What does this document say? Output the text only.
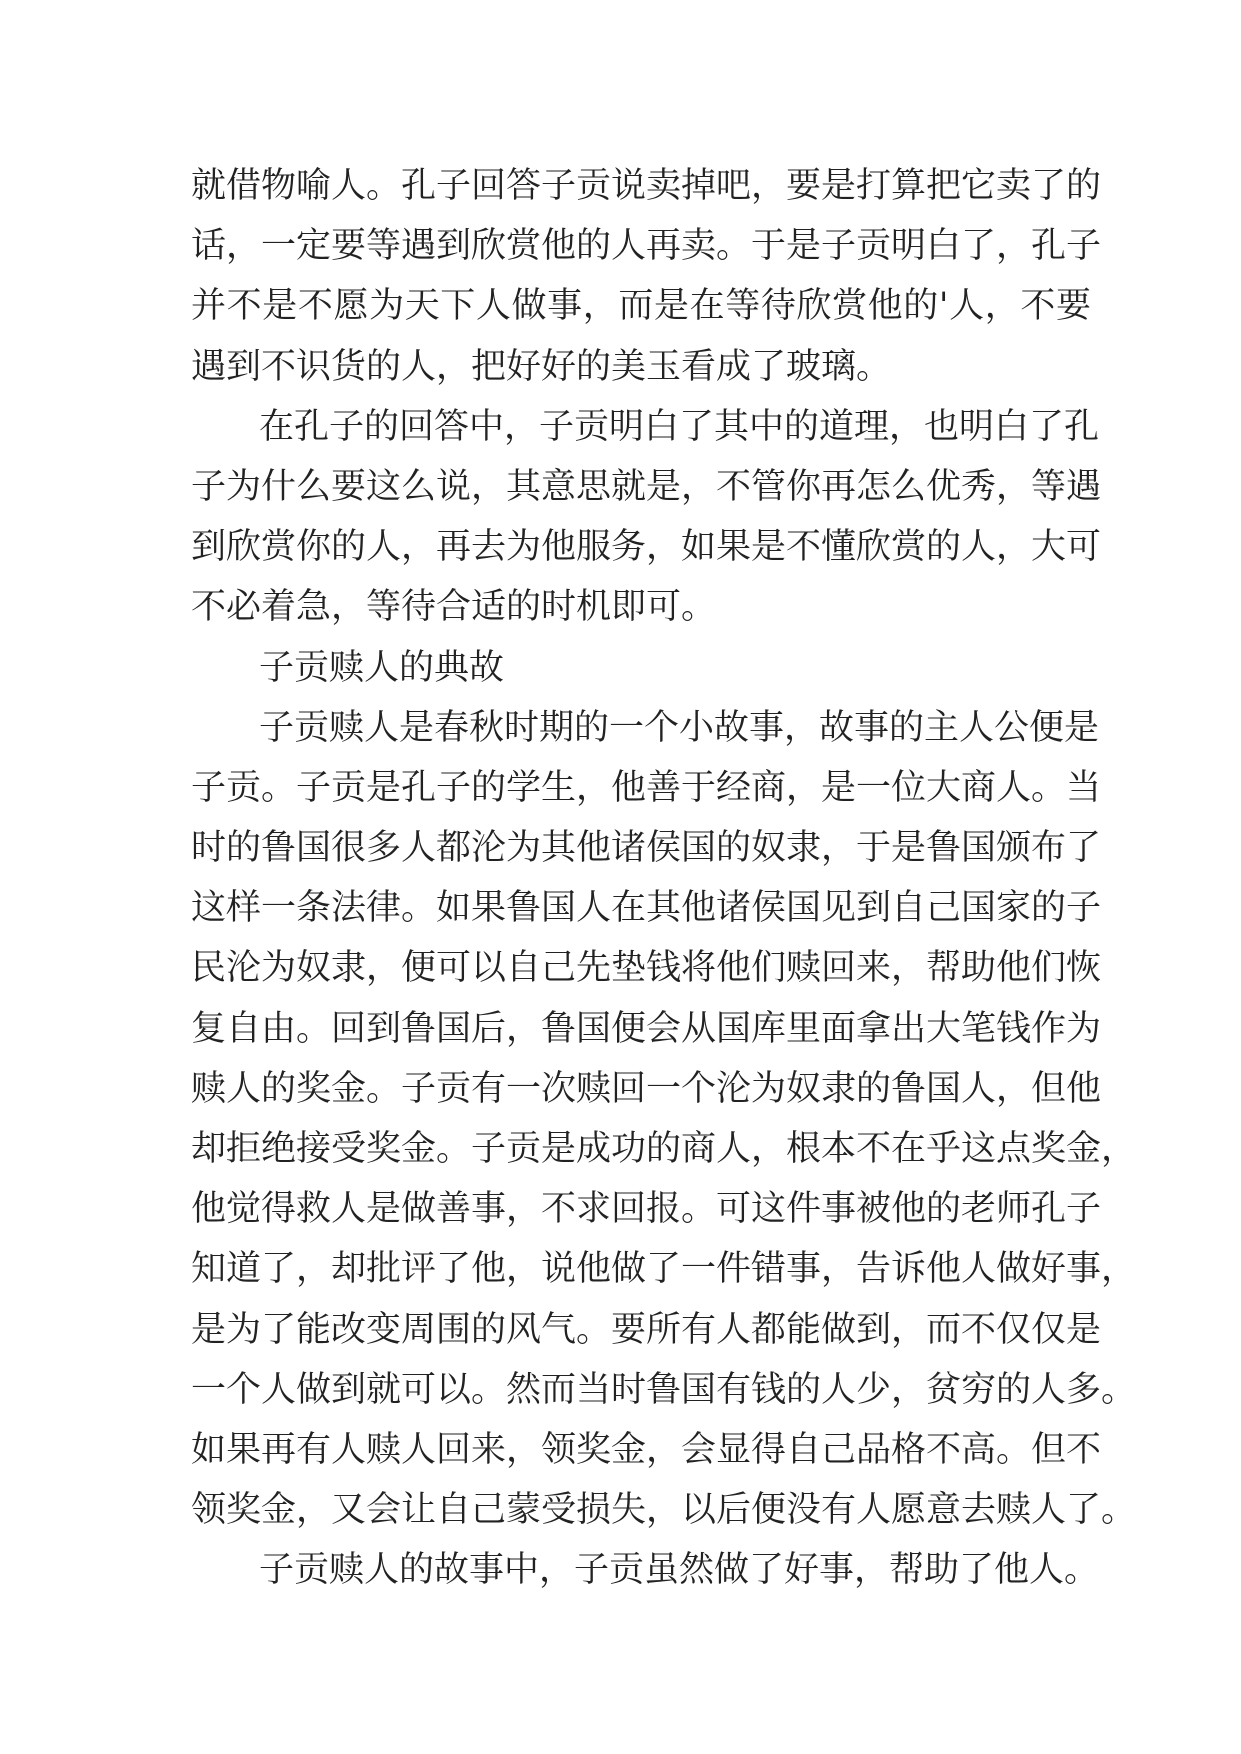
就借物喻人。孔子回答子贡说卖掉吧，要是打算把它卖了的
话，一定要等遇到欣赏他的人再卖。于是子贡明白了，孔子
并不是不愿为天下人做事，而是在等待欣赏他的'人，不要
遇到不识货的人，把好好的美玉看成了玻璃。
在孔子的回答中，子贡明白了其中的道理，也明白了孔
子为什么要这么说，其意思就是，不管你再怎么优秀，等遇
到欣赏你的人，再去为他服务，如果是不懂欣赏的人，大可
不必着急，等待合适的时机即可。
子贡赎人的典故
子贡赎人是春秋时期的一个小故事，故事的主人公便是
子贡。子贡是孔子的学生，他善于经商，是一位大商人。当
时的鲁国很多人都沦为其他诸侯国的奴隶，于是鲁国颁布了
这样一条法律。如果鲁国人在其他诸侯国见到自己国家的子
民沦为奴隶，便可以自己先垫钱将他们赎回来，帮助他们恢
复自由。回到鲁国后，鲁国便会从国库里面拿出大笔钱作为
赎人的奖金。子贡有一次赎回一个沦为奴隶的鲁国人，但他
却拒绝接受奖金。子贡是成功的商人，根本不在乎这点奖金，
他觉得救人是做善事，不求回报。可这件事被他的老师孔子
知道了，却批评了他，说他做了一件错事，告诉他人做好事，
是为了能改变周围的风气。要所有人都能做到，而不仅仅是
一个人做到就可以。然而当时鲁国有钱的人少，贫穷的人多。
如果再有人赎人回来，领奖金，会显得自己品格不高。但不
领奖金，又会让自己蒙受损失，以后便没有人愿意去赎人了。
子贡赎人的故事中，子贡虽然做了好事，帮助了他人。
